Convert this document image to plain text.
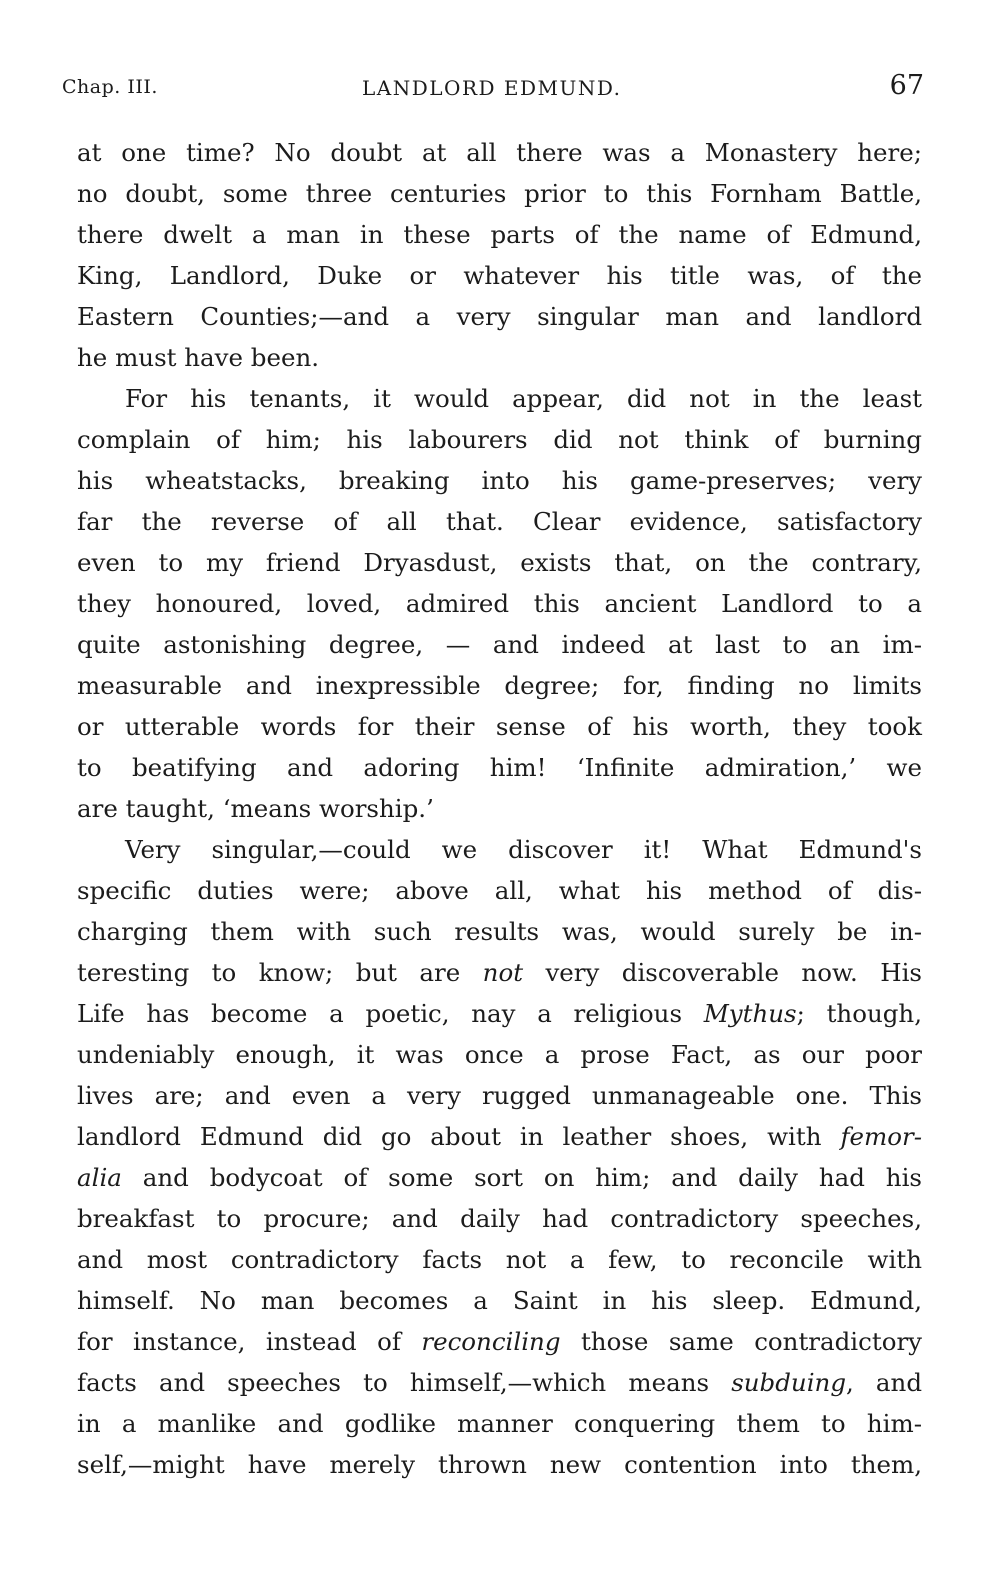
Chap. III.	LANDLORD EDMUND.	67
at one time? No doubt at all there was a Monastery here;
no doubt, some three centuries prior to this Fornham Battle,
there dwelt a man in these parts of the name of Edmund,
King, Landlord, Duke or whatever his title was, of the
Eastern Counties;—and a very singular man and landlord
he must have been.
For his tenants, it would appear, did not in the least
complain of him; his labourers did not think of burning
his wheatstacks, breaking into his game-preserves; very
far the reverse of all that. Clear evidence, satisfactory
even to my friend Dryasdust, exists that, on the contrary,
they honoured, loved, admired this ancient Landlord to a
quite astonishing degree, — and indeed at last to an im-
measurable and inexpressible degree; for, finding no limits
or utterable words for their sense of his worth, they took
to beatifying and adoring him! ‘Infinite admiration,’ we
are taught, ‘means worship.’
Very singular,—could we discover it! What Edmund's
specific duties were; above all, what his method of dis-
charging them with such results was, would surely be in-
teresting to know; but are not very discoverable now. His
Life has become a poetic, nay a religious Mythus; though,
undeniably enough, it was once a prose Fact, as our poor
lives are; and even a very rugged unmanageable one. This
landlord Edmund did go about in leather shoes, with femor-
alia and bodycoat of some sort on him; and daily had his
breakfast to procure; and daily had contradictory speeches,
and most contradictory facts not a few, to reconcile with
himself. No man becomes a Saint in his sleep. Edmund,
for instance, instead of reconciling those same contradictory
facts and speeches to himself,—which means subduing, and
in a manlike and godlike manner conquering them to him-
self,—might have merely thrown new contention into them,
